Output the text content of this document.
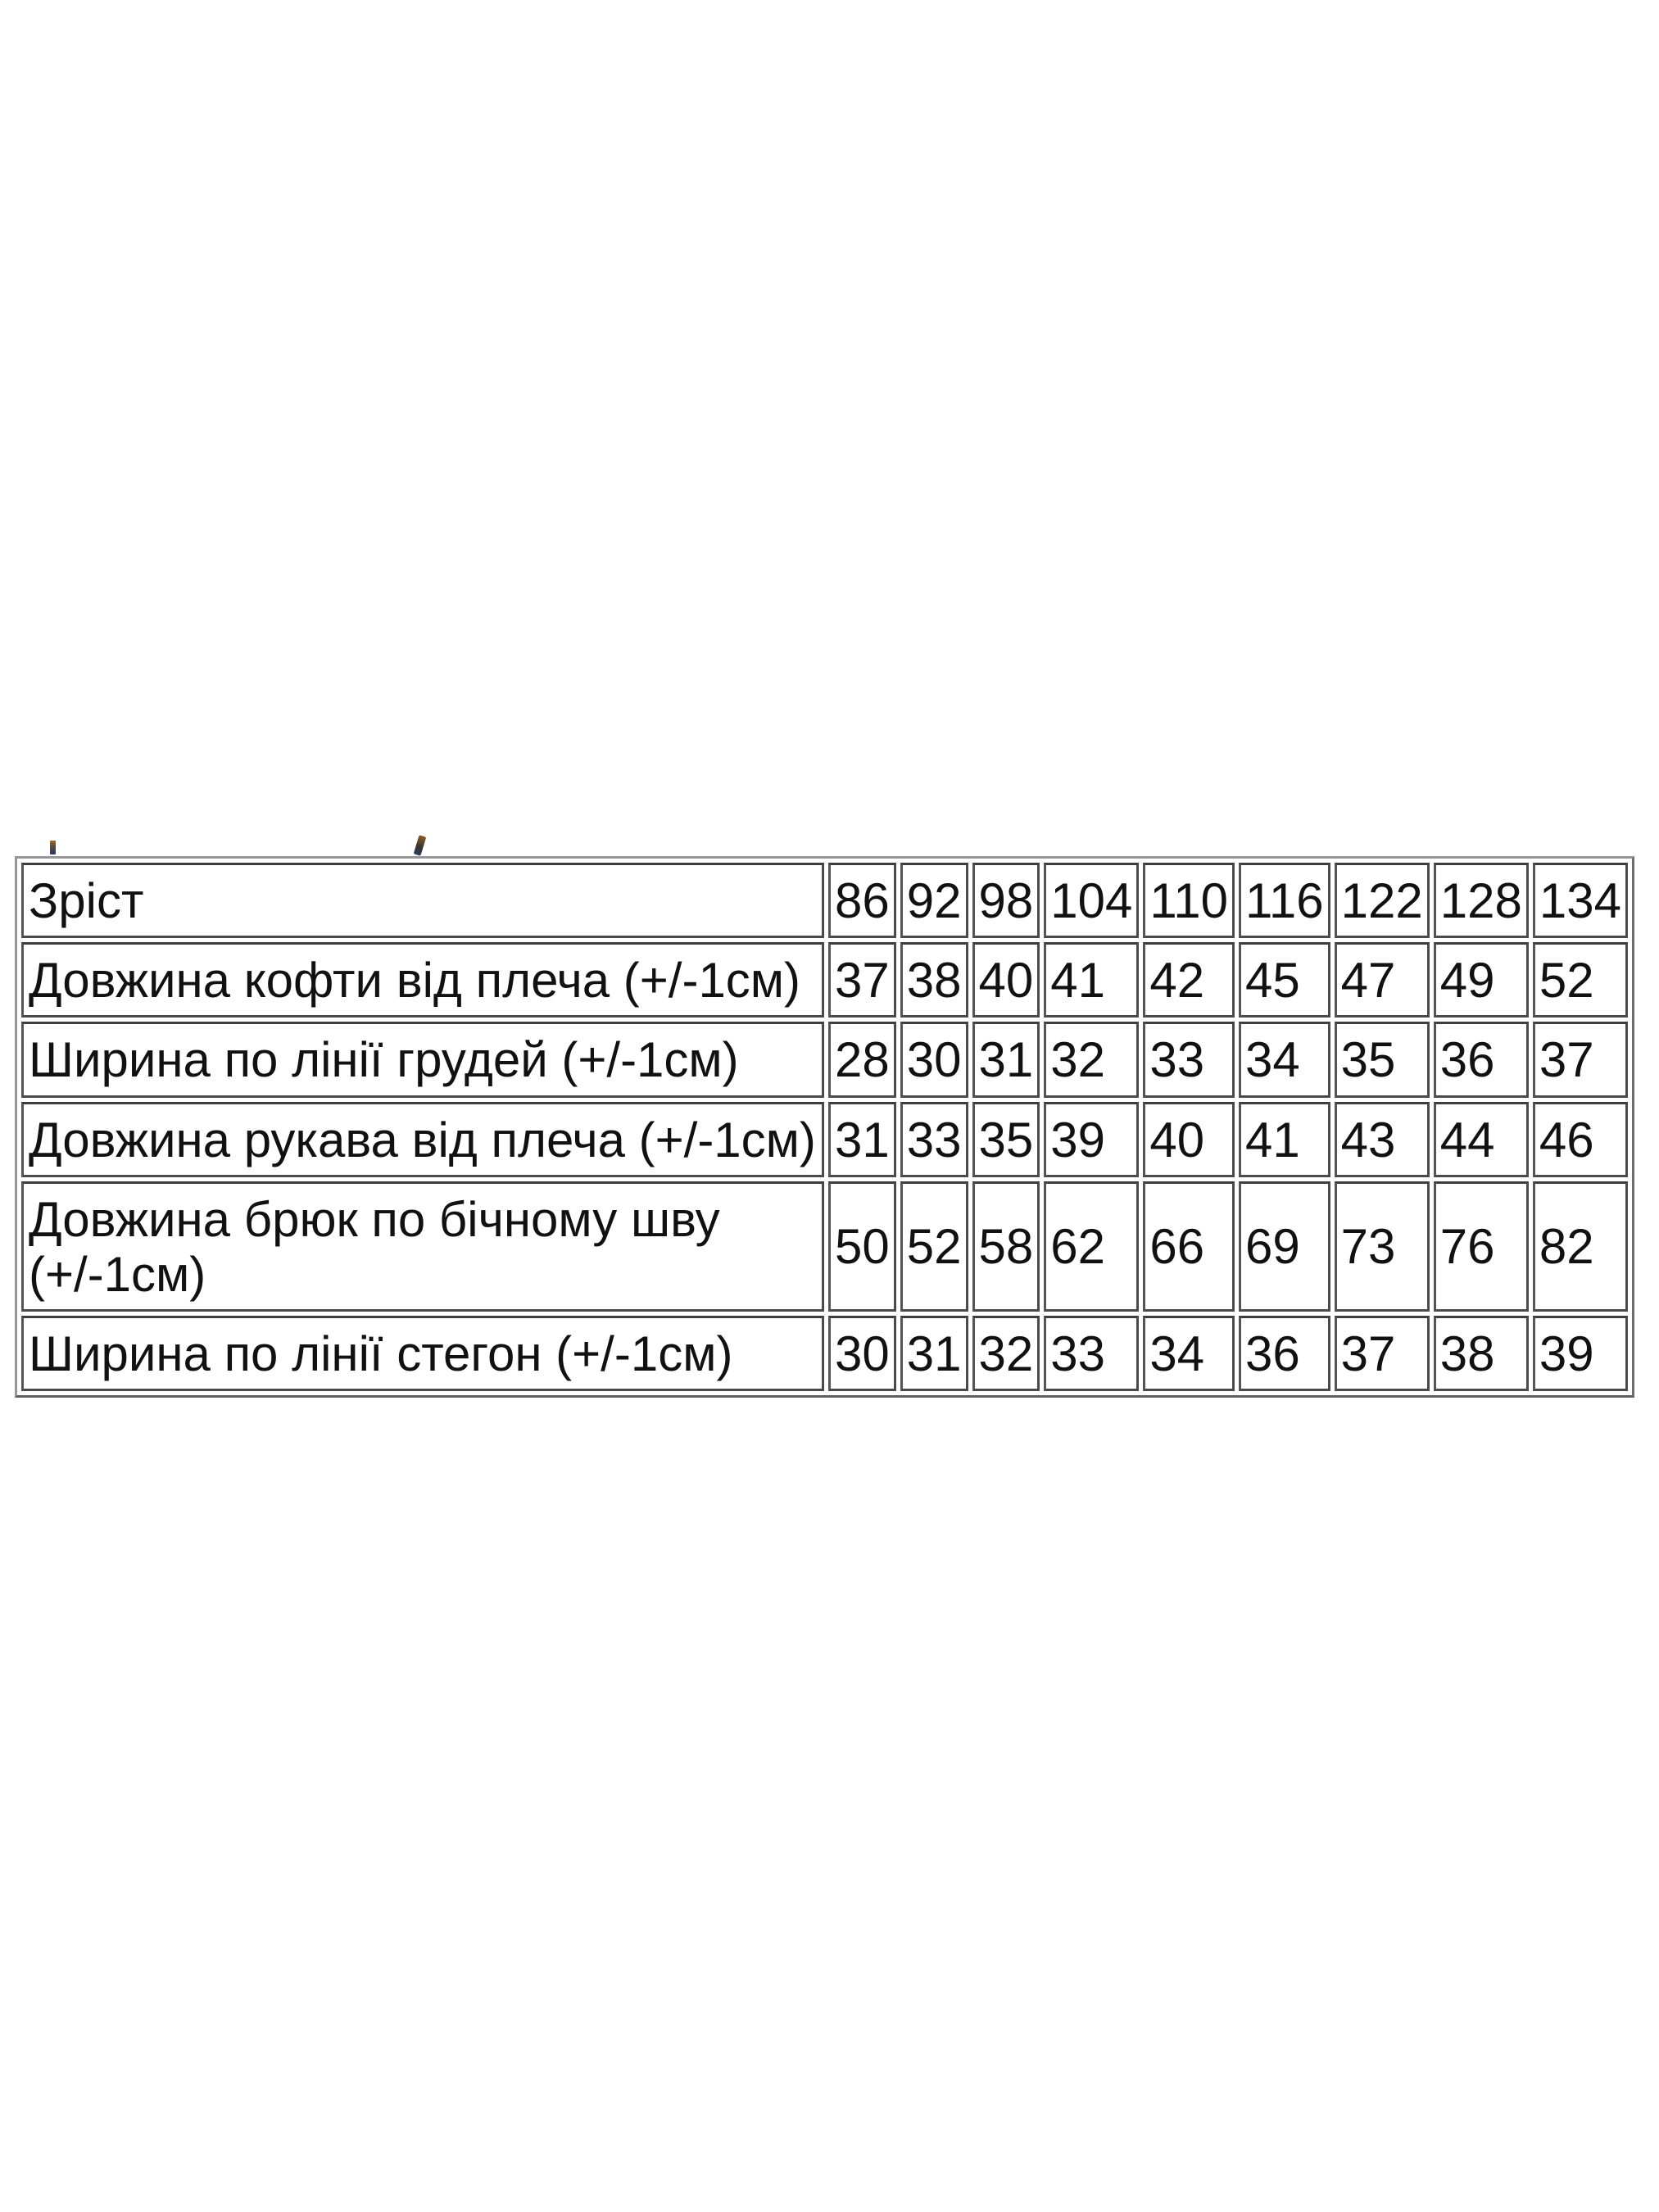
Зріст	86	92	98	104	110	116	122	128	134
Довжина кофти від плеча (+/-1см)	37	38	40	41	42	45	47	49	52
Ширина по лінії грудей (+/-1см)	28	30	31	32	33	34	35	36	37
Довжина рукава від плеча (+/-1см)	31	33	35	39	40	41	43	44	46
Довжина брюк по бічному шву (+/-1см)	50	52	58	62	66	69	73	76	82
Ширина по лінії стегон (+/-1см)	30	31	32	33	34	36	37	38	39
